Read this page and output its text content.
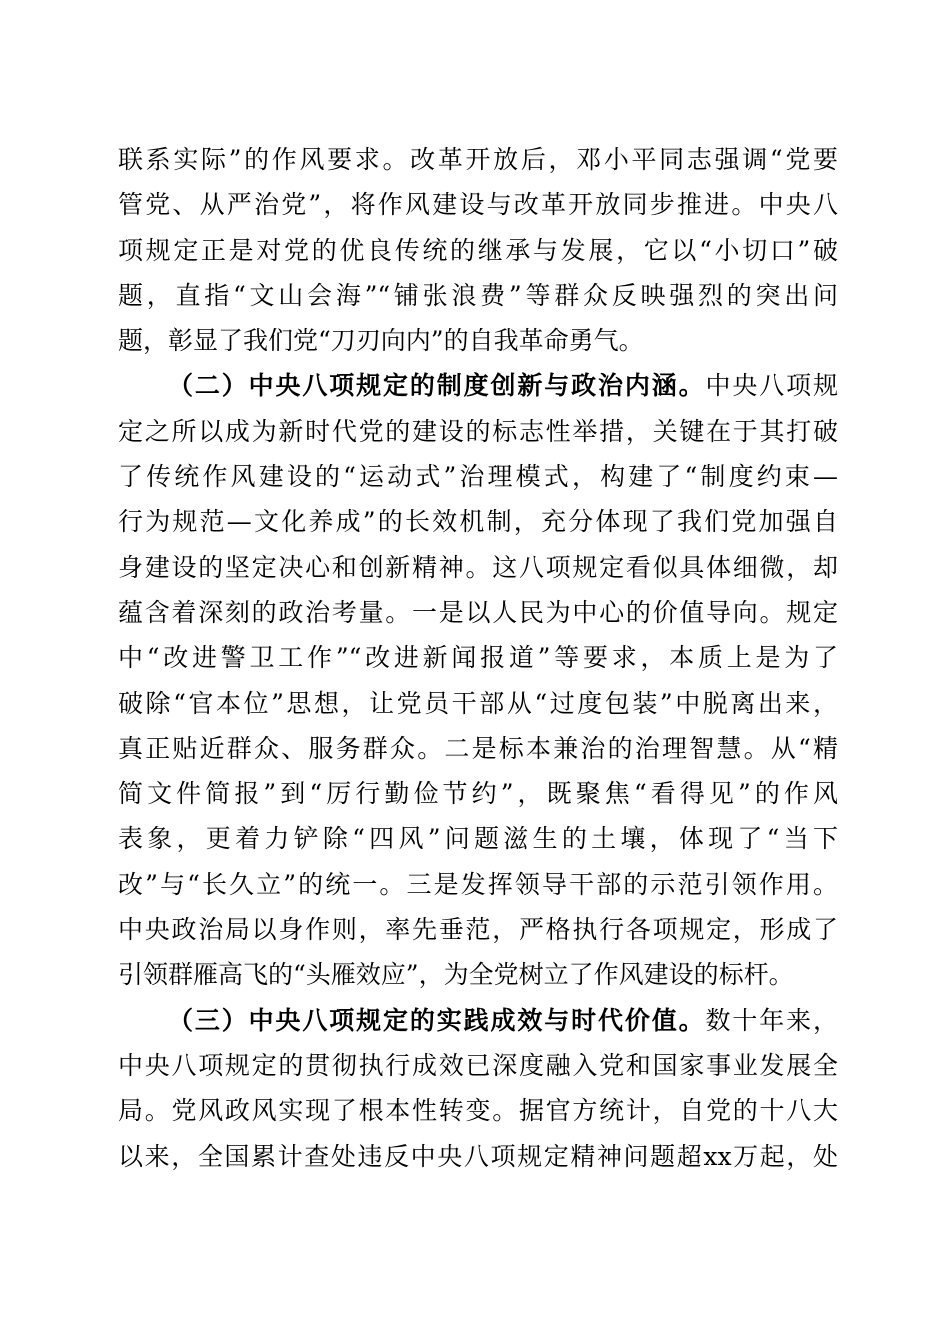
联系实际”的作风要求。改革开放后，邓小平同志强调“党要
管党、从严治党”，将作风建设与改革开放同步推进。中央八
项规定正是对党的优良传统的继承与发展，它以“小切口”破
题，直指“文山会海”“铺张浪费”等群众反映强烈的突出问
题，彰显了我们党“刀刃向内”的自我革命勇气。
（二）中央八项规定的制度创新与政治内涵。中央八项规
定之所以成为新时代党的建设的标志性举措，关键在于其打破
了传统作风建设的“运动式”治理模式，构建了“制度约束—
行为规范—文化养成”的长效机制，充分体现了我们党加强自
身建设的坚定决心和创新精神。这八项规定看似具体细微，却
蕴含着深刻的政治考量。一是以人民为中心的价值导向。规定
中“改进警卫工作”“改进新闻报道”等要求，本质上是为了
破除“官本位”思想，让党员干部从“过度包装”中脱离出来，
真正贴近群众、服务群众。二是标本兼治的治理智慧。从“精
简文件简报”到“厉行勤俭节约”，既聚焦“看得见”的作风
表象，更着力铲除“四风”问题滋生的土壤，体现了“当下
改”与“长久立”的统一。三是发挥领导干部的示范引领作用。
中央政治局以身作则，率先垂范，严格执行各项规定，形成了
引领群雁高飞的“头雁效应”，为全党树立了作风建设的标杆。
（三）中央八项规定的实践成效与时代价值。数十年来，
中央八项规定的贯彻执行成效已深度融入党和国家事业发展全
局。党风政风实现了根本性转变。据官方统计，自党的十八大
以来，全国累计查处违反中央八项规定精神问题超xx万起，处
